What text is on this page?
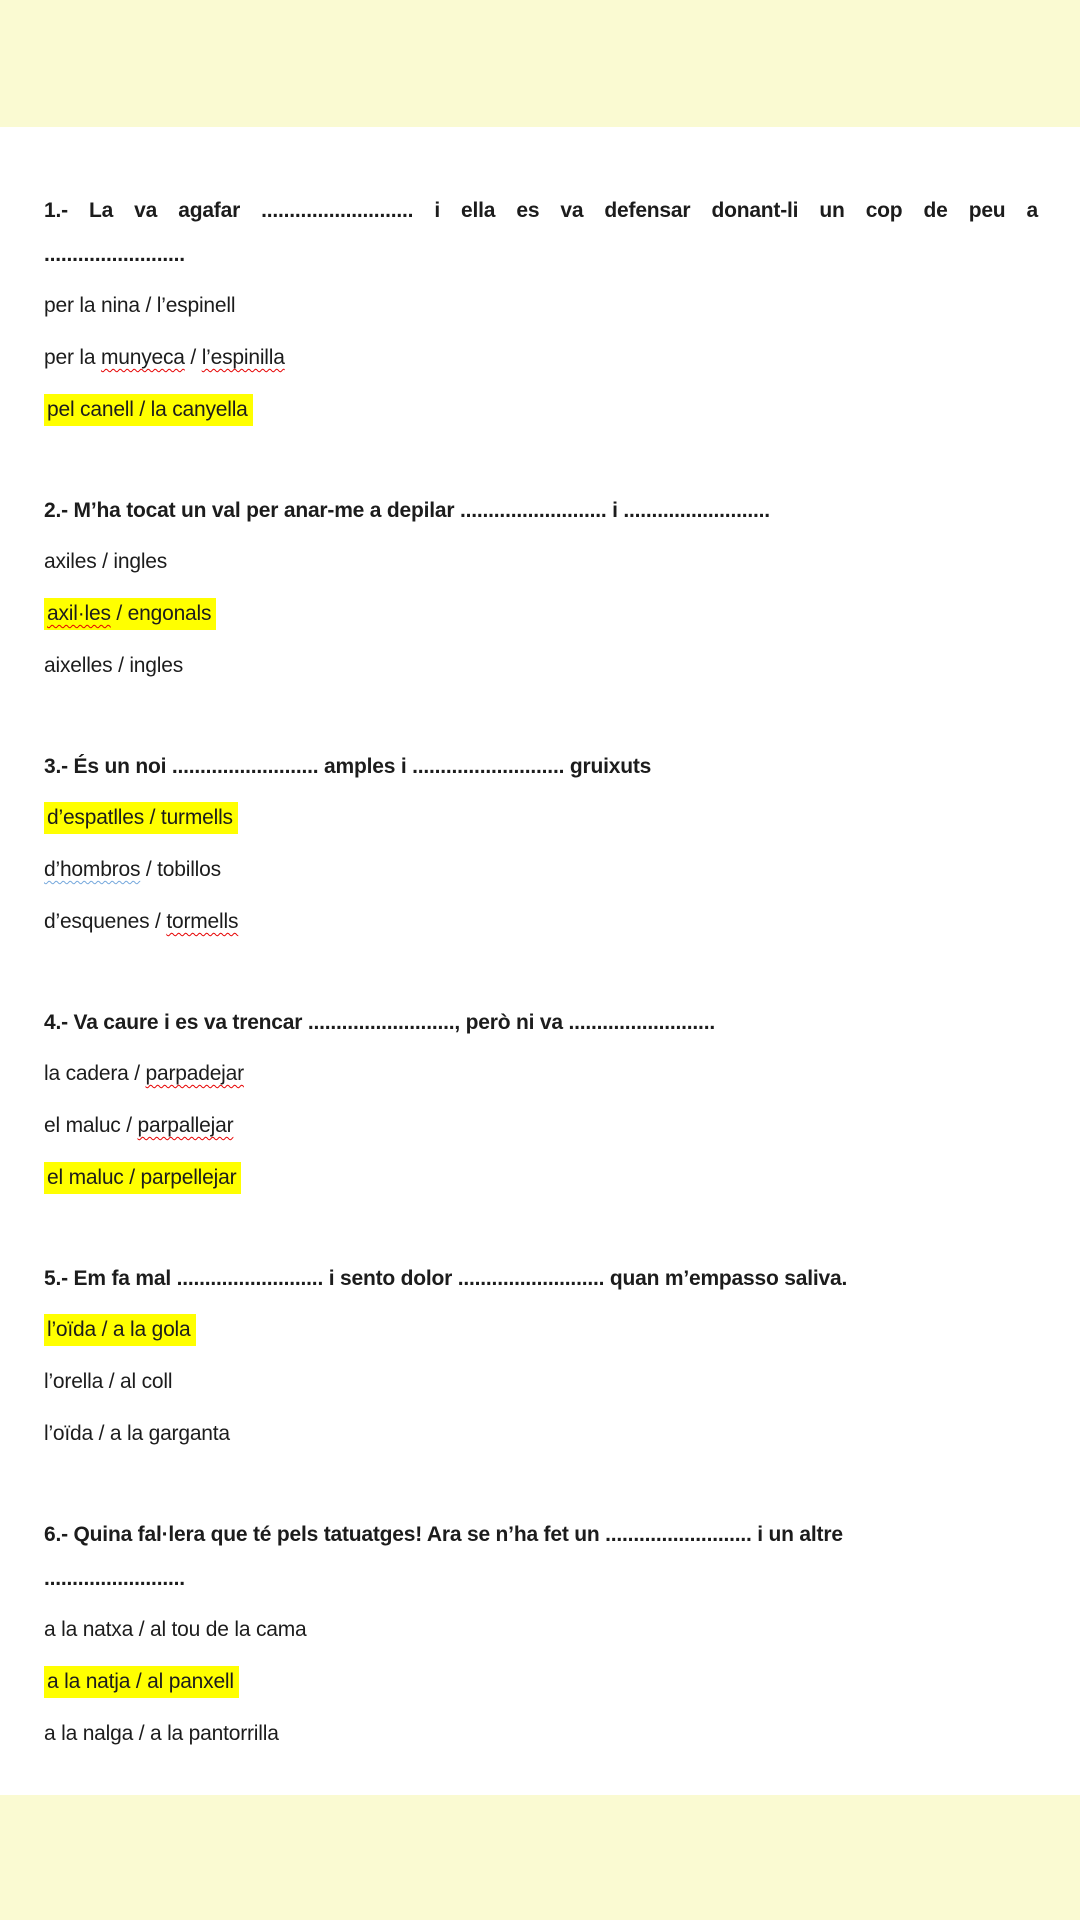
1.- La va agafar ........................... i ella es va defensar donant-li un cop de peu a
.........................
per la nina / l’espinell
per la munyeca / l’espinilla
pel canell / la canyella
2.- M’ha tocat un val per anar-me a depilar .......................... i ..........................
axiles / ingles
axil·les / engonals
aixelles / ingles
3.- És un noi .......................... amples i ........................... gruixuts
d’espatlles / turmells
d’hombros / tobillos
d’esquenes / tormells
4.- Va caure i es va trencar .........................., però ni va ..........................
la cadera / parpadejar
el maluc / parpallejar
el maluc / parpellejar
5.- Em fa mal .......................... i sento dolor .......................... quan m’empasso saliva.
l’oïda / a la gola
l’orella / al coll
l’oïda / a la garganta
6.- Quina fal·lera que té pels tatuatges! Ara se n’ha fet un .......................... i un altre
.........................
a la natxa / al tou de la cama
a la natja / al panxell
a la nalga / a la pantorrilla
